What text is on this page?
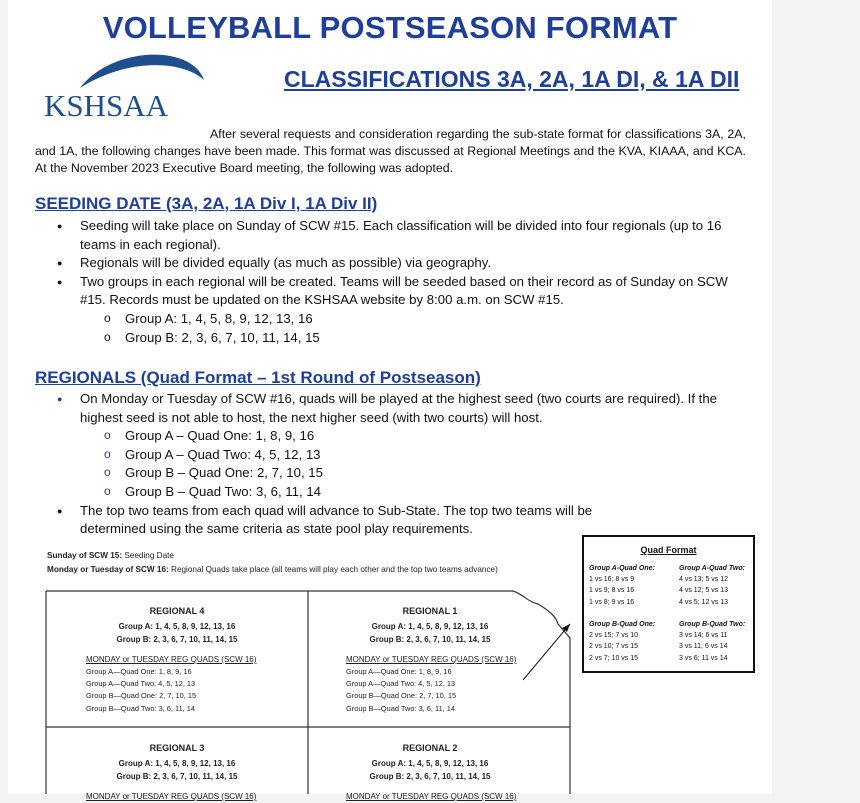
VOLLEYBALL POSTSEASON FORMAT
KSHSAA
CLASSIFICATIONS 3A, 2A, 1A DI, & 1A DII
After several requests and consideration regarding the sub-state format for classifications 3A, 2A, and 1A, the following changes have been made. This format was discussed at Regional Meetings and the KVA, KIAAA, and KCA. At the November 2023 Executive Board meeting, the following was adopted.
SEEDING DATE (3A, 2A, 1A Div I, 1A Div II)
● Seeding will take place on Sunday of SCW #15. Each classification will be divided into four regionals (up to 16 teams in each regional).
● Regionals will be divided equally (as much as possible) via geography.
● Two groups in each regional will be created. Teams will be seeded based on their record as of Sunday on SCW #15. Records must be updated on the KSHSAA website by 8:00 a.m. on SCW #15.
o Group A: 1, 4, 5, 8, 9, 12, 13, 16
o Group B: 2, 3, 6, 7, 10, 11, 14, 15
REGIONALS (Quad Format – 1st Round of Postseason)
● On Monday or Tuesday of SCW #16, quads will be played at the highest seed (two courts are required). If the highest seed is not able to host, the next higher seed (with two courts) will host.
o Group A – Quad One: 1, 8, 9, 16
o Group A – Quad Two: 4, 5, 12, 13
o Group B – Quad One: 2, 7, 10, 15
o Group B – Quad Two: 3, 6, 11, 14
● The top two teams from each quad will advance to Sub-State. The top two teams will be determined using the same criteria as state pool play requirements.
Sunday of SCW 15: Seeding Date
Monday or Tuesday of SCW 16: Regional Quads take place (all teams will play each other and the top two teams advance)
REGIONAL 4
Group A: 1, 4, 5, 8, 9, 12, 13, 16
Group B: 2, 3, 6, 7, 10, 11, 14, 15
MONDAY or TUESDAY REG QUADS (SCW 16)
Group A—Quad One: 1, 8, 9, 16
Group A—Quad Two: 4, 5, 12, 13
Group B—Quad One: 2, 7, 10, 15
Group B—Quad Two: 3, 6, 11, 14
REGIONAL 1
Group A: 1, 4, 5, 8, 9, 12, 13, 16
Group B: 2, 3, 6, 7, 10, 11, 14, 15
MONDAY or TUESDAY REG QUADS (SCW 16)
Group A—Quad One: 1, 8, 9, 16
Group A—Quad Two: 4, 5, 12, 13
Group B—Quad One: 2, 7, 10, 15
Group B—Quad Two: 3, 6, 11, 14
REGIONAL 3
Group A: 1, 4, 5, 8, 9, 12, 13, 16
Group B: 2, 3, 6, 7, 10, 11, 14, 15
MONDAY or TUESDAY REG QUADS (SCW 16)
REGIONAL 2
Group A: 1, 4, 5, 8, 9, 12, 13, 16
Group B: 2, 3, 6, 7, 10, 11, 14, 15
MONDAY or TUESDAY REG QUADS (SCW 16)
Quad Format
Group A-Quad One:
1 vs 16; 8 vs 9
1 vs 9; 8 vs 16
1 vs 8; 9 vs 16
Group A-Quad Two:
4 vs 13; 5 vs 12
4 vs 12; 5 vs 13
4 vs 5; 12 vs 13
Group B-Quad One:
2 vs 15; 7 vs 10
2 vs 10; 7 vs 15
2 vs 7; 10 vs 15
Group B-Quad Two:
3 vs 14; 6 vs 11
3 vs 11; 6 vs 14
3 vs 6; 11 vs 14
